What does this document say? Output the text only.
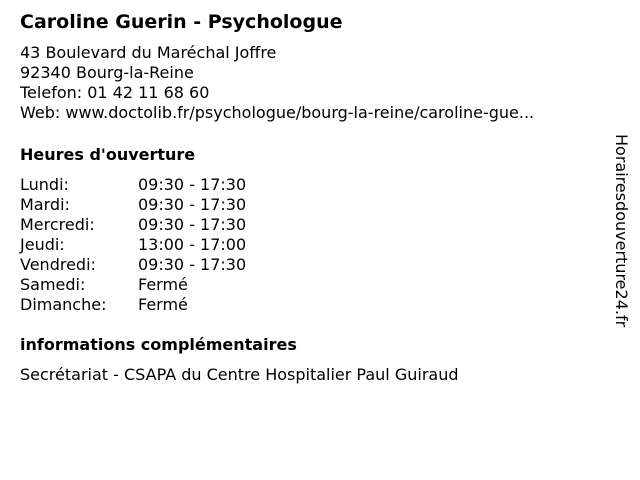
Caroline Guerin - Psychologue
43 Boulevard du Maréchal Joffre
92340 Bourg-la-Reine
Telefon: 01 42 11 68 60
Web: www.doctolib.fr/psychologue/bourg-la-reine/caroline-gue...
Heures d'ouverture
Lundi:	09:30 - 17:30
Mardi:	09:30 - 17:30
Mercredi:	09:30 - 17:30
Jeudi:	13:00 - 17:00
Vendredi:	09:30 - 17:30
Samedi:	Fermé
Dimanche: Fermé
informations complémentaires
Secrétariat - CSAPA du Centre Hospitalier Paul Guiraud
Horairesdouverture24.fr
